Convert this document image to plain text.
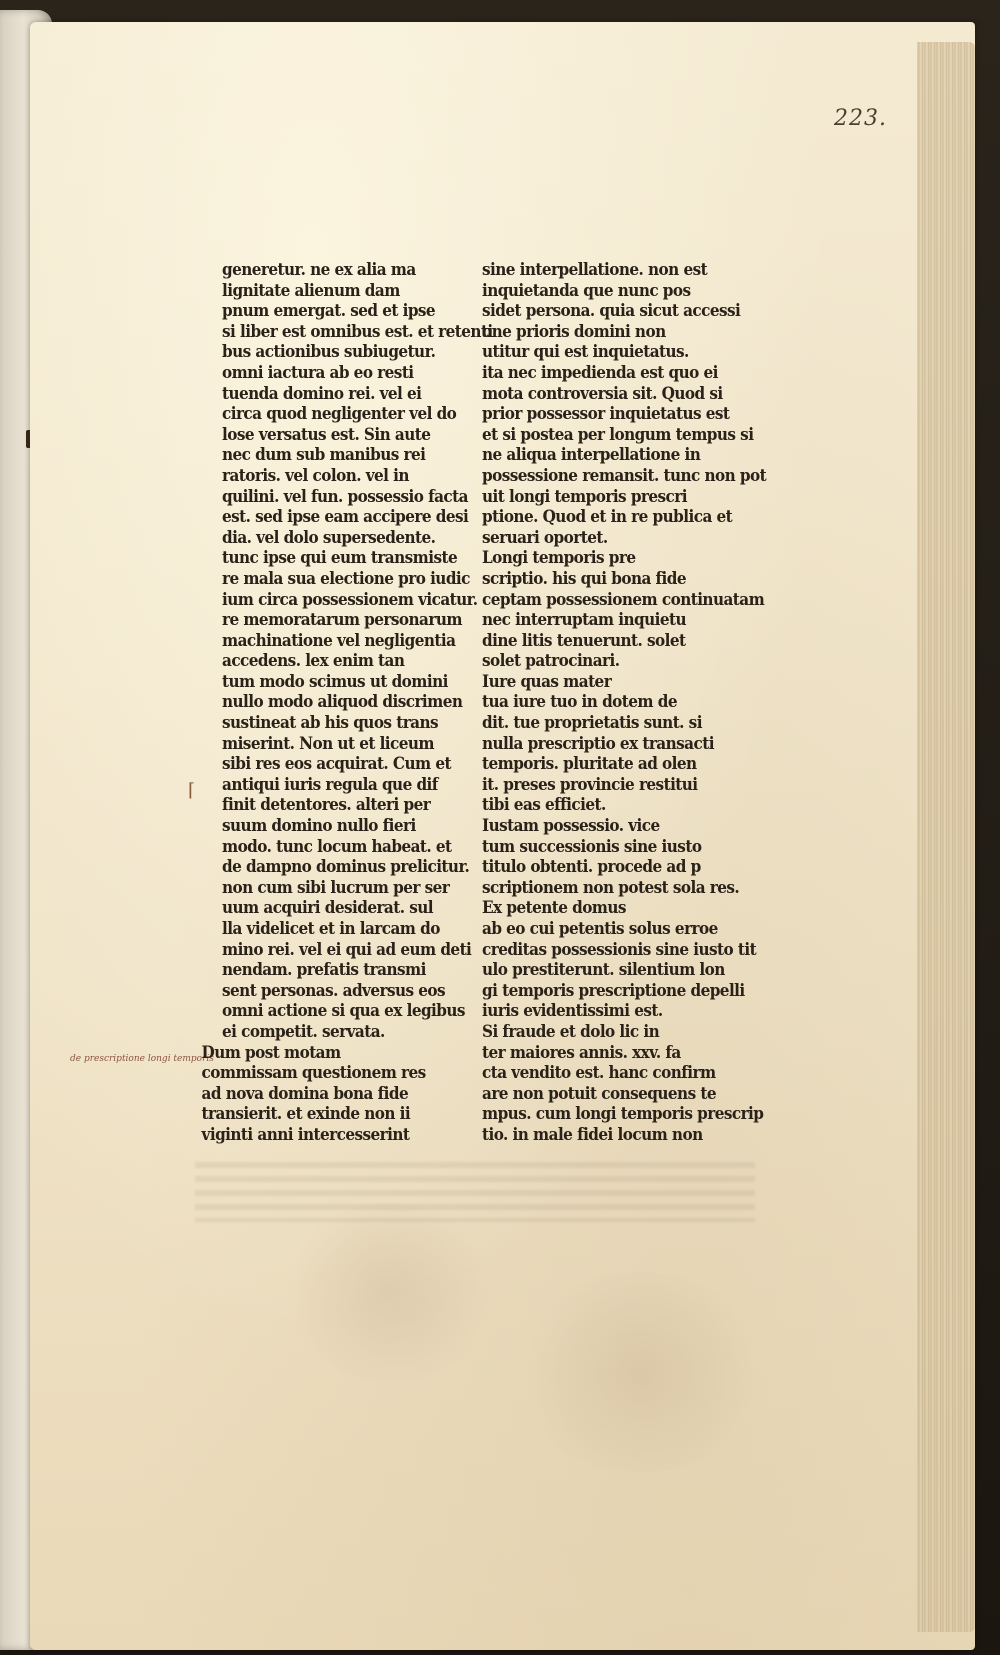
223.
⌈
de prescriptione longi temporis
generetur. ne ex alia ma
lignitate alienum dam
pnum emergat. sed et ipse
si liber est omnibus est. et retenti
bus actionibus subiugetur.
omni iactura ab eo resti
tuenda domino rei. vel ei
circa quod negligenter vel do
lose versatus est. Sin aute
nec dum sub manibus rei
ratoris. vel colon. vel in
quilini. vel fun. possessio facta
est. sed ipse eam accipere desi
dia. vel dolo supersedente.
tunc ipse qui eum transmiste
re mala sua electione pro iudic
ium circa possessionem vicatur.
re memoratarum personarum
machinatione vel negligentia
accedens. lex enim tan
tum modo scimus ut domini
nullo modo aliquod discrimen
sustineat ab his quos trans
miserint. Non ut et liceum
sibi res eos acquirat. Cum et
antiqui iuris regula que dif
finit detentores. alteri per
suum domino nullo fieri
modo. tunc locum habeat. et
de dampno dominus prelicitur.
non cum sibi lucrum per ser
uum acquiri desiderat. sul
lla videlicet et in larcam do
mino rei. vel ei qui ad eum deti
nendam. prefatis transmi
sent personas. adversus eos
omni actione si qua ex legibus
ei competit. servata.
Dum post motam
commissam questionem res
ad nova domina bona fide
transierit. et exinde non ii
viginti anni intercesserint
sine interpellatione. non est
inquietanda que nunc pos
sidet persona. quia sicut accessi
one prioris domini non
utitur qui est inquietatus.
ita nec impedienda est quo ei
mota controversia sit. Quod si
prior possessor inquietatus est
et si postea per longum tempus si
ne aliqua interpellatione in
possessione remansit. tunc non pot
uit longi temporis prescri
ptione. Quod et in re publica et
seruari oportet.
Longi temporis pre
scriptio. his qui bona fide
ceptam possessionem continuatam
nec interruptam inquietu
dine litis tenuerunt. solet
solet patrocinari.
Iure quas mater
tua iure tuo in dotem de
dit. tue proprietatis sunt. si
nulla prescriptio ex transacti
temporis. pluritate ad olen
it. preses provincie restitui
tibi eas efficiet.
Iustam possessio. vice
tum successionis sine iusto
titulo obtenti. procede ad p
scriptionem non potest sola res.
Ex petente domus
ab eo cui petentis solus erroe
creditas possessionis sine iusto tit
ulo prestiterunt. silentium lon
gi temporis prescriptione depelli
iuris evidentissimi est.
Si fraude et dolo lic in
ter maiores annis. xxv. fa
cta vendito est. hanc confirm
are non potuit consequens te
mpus. cum longi temporis prescrip
tio. in male fidei locum non
